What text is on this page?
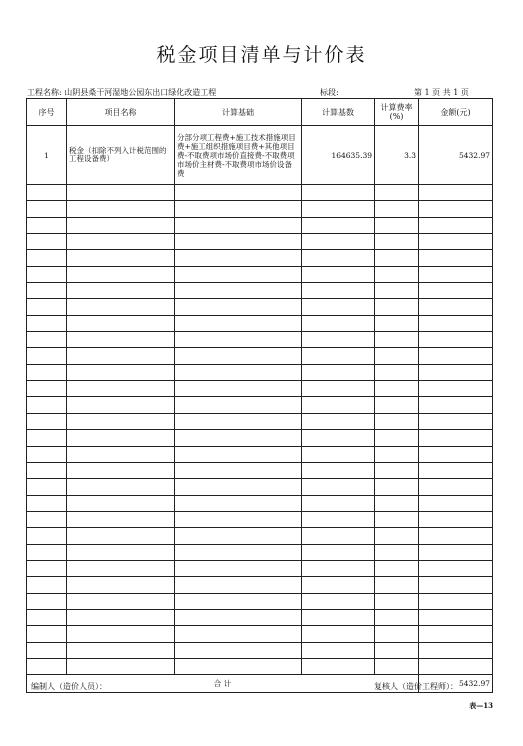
税金项目清单与计价表
工程名称: 山阴县桑干河湿地公园东出口绿化改造工程	标段:	第 1 页 共 1 页
序号	项目名称	计算基础	计算基数	计算费率(%)	金额(元)
1	税金（扣除不列入计税范围的工程设备费）	分部分项工程费+施工技术措施项目费+施工组织措施项目费+其他项目费-不取费项市场价直接费-不取费项市场价主材费-不取费项市场价设备费	164635.39	3.3	5432.97

合 计					5432.97
编制人（造价人员）：	复核人（造价工程师）：
表—13
